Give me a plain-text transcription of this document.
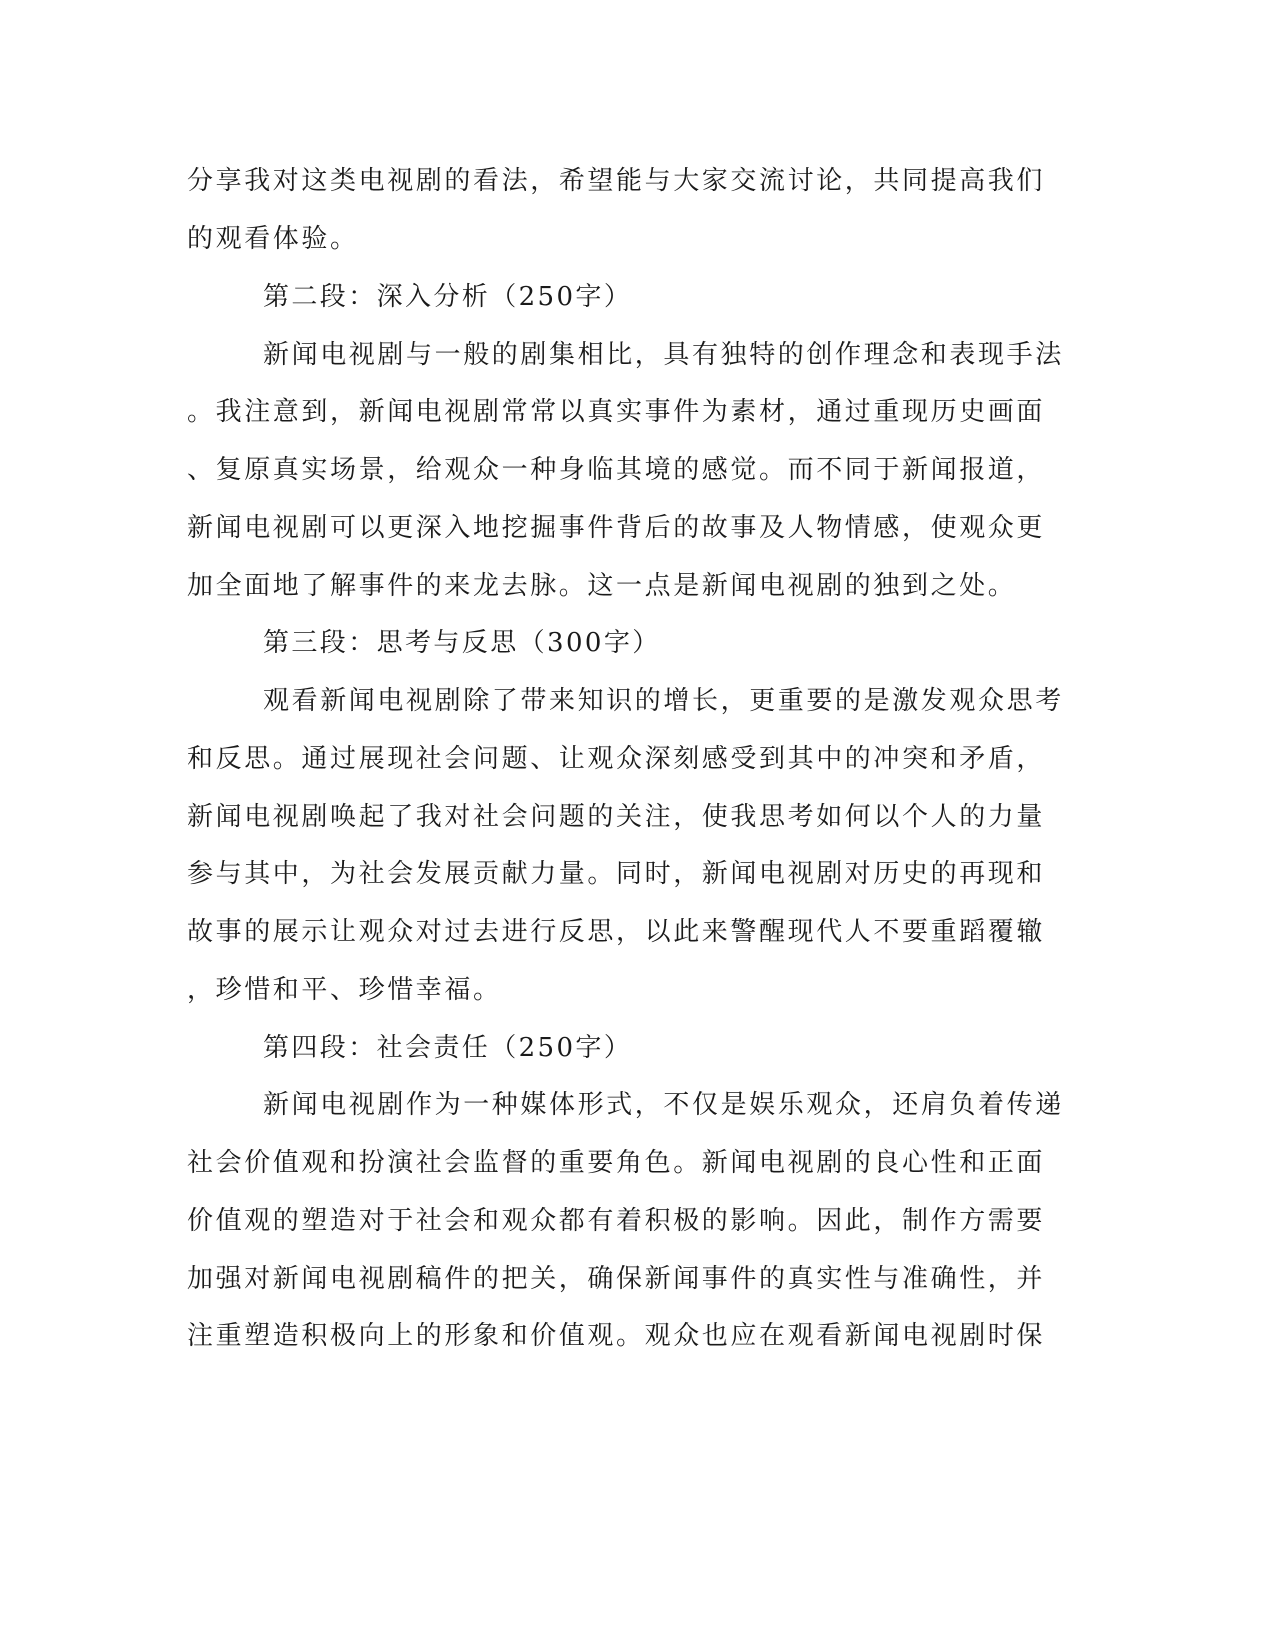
分享我对这类电视剧的看法，希望能与大家交流讨论，共同提高我们
的观看体验。
第二段：深入分析（250字）
新闻电视剧与一般的剧集相比，具有独特的创作理念和表现手法
。我注意到，新闻电视剧常常以真实事件为素材，通过重现历史画面
、复原真实场景，给观众一种身临其境的感觉。而不同于新闻报道，
新闻电视剧可以更深入地挖掘事件背后的故事及人物情感，使观众更
加全面地了解事件的来龙去脉。这一点是新闻电视剧的独到之处。
第三段：思考与反思（300字）
观看新闻电视剧除了带来知识的增长，更重要的是激发观众思考
和反思。通过展现社会问题、让观众深刻感受到其中的冲突和矛盾，
新闻电视剧唤起了我对社会问题的关注，使我思考如何以个人的力量
参与其中，为社会发展贡献力量。同时，新闻电视剧对历史的再现和
故事的展示让观众对过去进行反思，以此来警醒现代人不要重蹈覆辙
，珍惜和平、珍惜幸福。
第四段：社会责任（250字）
新闻电视剧作为一种媒体形式，不仅是娱乐观众，还肩负着传递
社会价值观和扮演社会监督的重要角色。新闻电视剧的良心性和正面
价值观的塑造对于社会和观众都有着积极的影响。因此，制作方需要
加强对新闻电视剧稿件的把关，确保新闻事件的真实性与准确性，并
注重塑造积极向上的形象和价值观。观众也应在观看新闻电视剧时保
